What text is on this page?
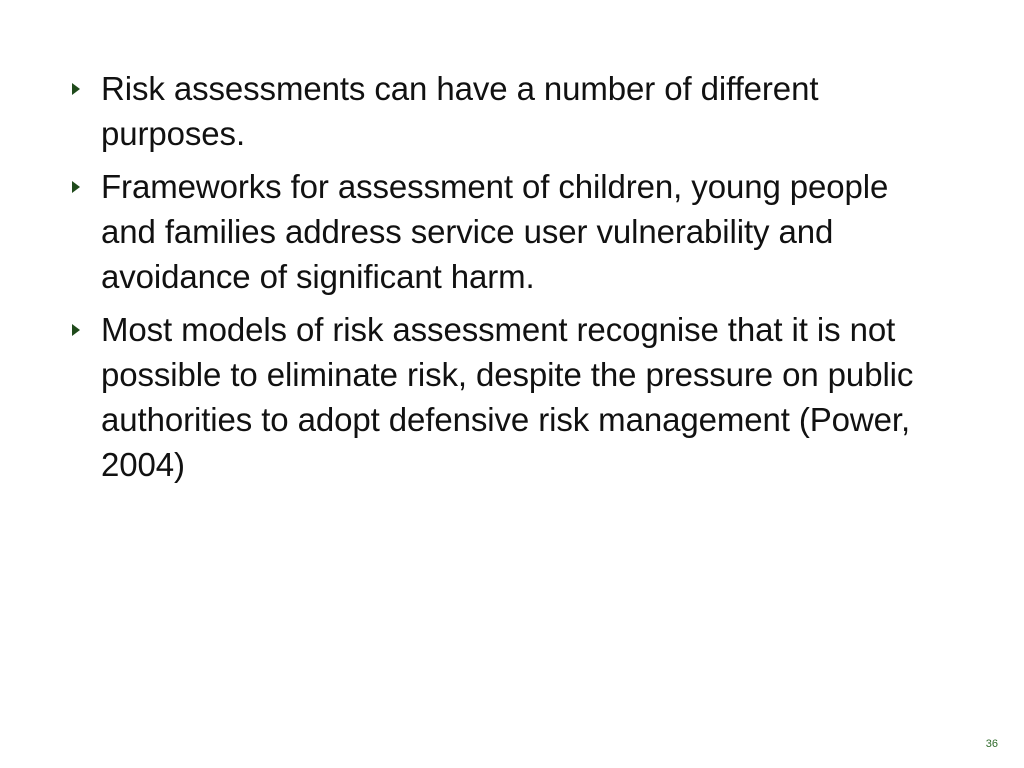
Risk assessments can have a number of different purposes.
Frameworks for assessment of children, young people and families address service user vulnerability and avoidance of significant harm.
Most models of risk assessment recognise that it is not possible to eliminate risk, despite the pressure on public authorities to adopt defensive risk management (Power, 2004)
36
